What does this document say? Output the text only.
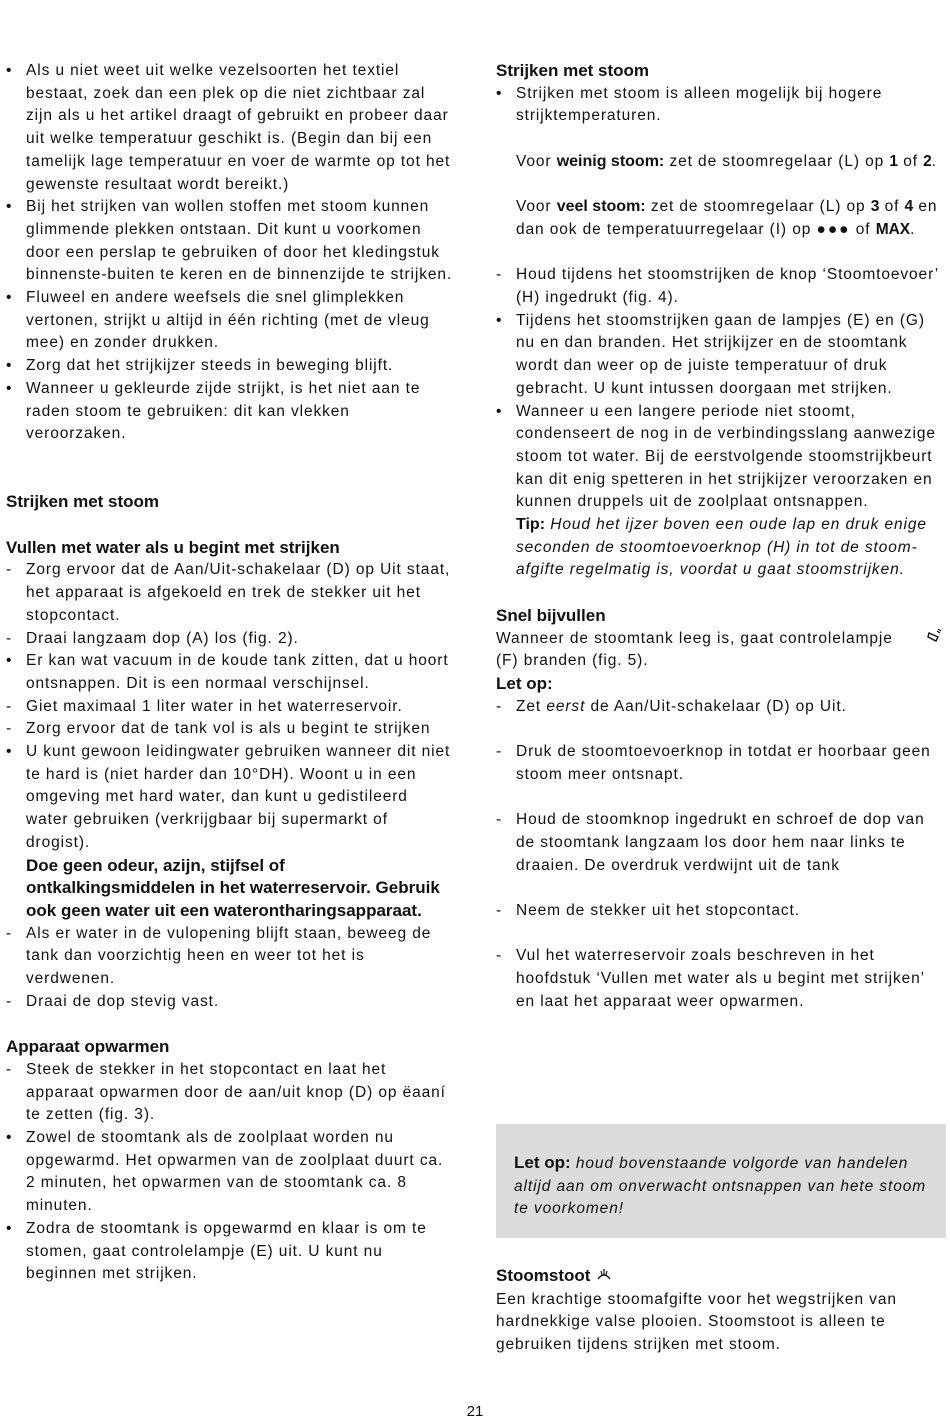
• Als u niet weet uit welke vezelsoorten het textiel bestaat, zoek dan een plek op die niet zichtbaar zal zijn als u het artikel draagt of gebruikt en probeer daar uit welke temperatuur geschikt is. (Begin dan bij een tamelijk lage temperatuur en voer de warmte op tot het gewenste resultaat wordt bereikt.)
• Bij het strijken van wollen stoffen met stoom kunnen glimmende plekken ontstaan. Dit kunt u voorkomen door een perslap te gebruiken of door het kledingstuk binnenste-buiten te keren en de binnenzijde te strijken.
• Fluweel en andere weefsels die snel glimplekken vertonen, strijkt u altijd in één richting (met de vleug mee) en zonder drukken.
• Zorg dat het strijkijzer steeds in beweging blijft.
• Wanneer u gekleurde zijde strijkt, is het niet aan te raden stoom te gebruiken: dit kan vlekken veroorzaken.
Strijken met stoom
Vullen met water als u begint met strijken
- Zorg ervoor dat de Aan/Uit-schakelaar (D) op Uit staat, het apparaat is afgekoeld en trek de stekker uit het stopcontact.
- Draai langzaam dop (A) los (fig. 2).
• Er kan wat vacuum in de koude tank zitten, dat u hoort ontsnappen. Dit is een normaal verschijnsel.
- Giet maximaal 1 liter water in het waterreservoir.
- Zorg ervoor dat de tank vol is als u begint te strijken
• U kunt gewoon leidingwater gebruiken wanneer dit niet te hard is (niet harder dan 10°DH). Woont u in een omgeving met hard water, dan kunt u gedistileerd water gebruiken (verkrijgbaar bij supermarkt of drogist).
Doe geen odeur, azijn, stijfsel of ontkalkingsmiddelen in het waterreservoir. Gebruik ook geen water uit een waterontharingsapparaat.
- Als er water in de vulopening blijft staan, beweeg de tank dan voorzichtig heen en weer tot het is verdwenen.
- Draai de dop stevig vast.
Apparaat opwarmen
- Steek de stekker in het stopcontact en laat het apparaat opwarmen door de aan/uit knop (D) op ëaaní te zetten (fig. 3).
• Zowel de stoomtank als de zoolplaat worden nu opgewarmd. Het opwarmen van de zoolplaat duurt ca. 2 minuten, het opwarmen van de stoomtank ca. 8 minuten.
• Zodra de stoomtank is opgewarmd en klaar is om te stomen, gaat controlelampje (E) uit. U kunt nu beginnen met strijken.
Strijken met stoom
• Strijken met stoom is alleen mogelijk bij hogere strijktemperaturen.
Voor weinig stoom: zet de stoomregelaar (L) op 1 of 2.
Voor veel stoom: zet de stoomregelaar (L) op 3 of 4 en dan ook de temperatuurregelaar (I) op ●●● of MAX.
- Houd tijdens het stoomstrijken de knop ‘Stoomtoevoer’ (H) ingedrukt (fig. 4).
• Tijdens het stoomstrijken gaan de lampjes (E) en (G) nu en dan branden. Het strijkijzer en de stoomtank wordt dan weer op de juiste temperatuur of druk gebracht. U kunt intussen doorgaan met strijken.
• Wanneer u een langere periode niet stoomt, condenseert de nog in de verbindingsslang aanwezige stoom tot water. Bij de eerstvolgende stoomstrijkbeurt kan dit enig spetteren in het strijkijzer veroorzaken en kunnen druppels uit de zoolplaat ontsnappen.
Tip: Houd het ijzer boven een oude lap en druk enige seconden de stoomtoevoerknop (H) in tot de stoom-afgifte regelmatig is, voordat u gaat stoomstrijken.
Snel bijvullen
Wanneer de stoomtank leeg is, gaat controlelampje (F) branden (fig. 5).
Let op:
- Zet eerst de Aan/Uit-schakelaar (D) op Uit.
- Druk de stoomtoevoerknop in totdat er hoorbaar geen stoom meer ontsnapt.
- Houd de stoomknop ingedrukt en schroef de dop van de stoomtank langzaam los door hem naar links te draaien. De overdruk verdwijnt uit de tank
- Neem de stekker uit het stopcontact.
- Vul het waterreservoir zoals beschreven in het hoofdstuk ‘Vullen met water als u begint met strijken’ en laat het apparaat weer opwarmen.
Let op: houd bovenstaande volgorde van handelen altijd aan om onverwacht ontsnappen van hete stoom te voorkomen!
Stoomstoot
Een krachtige stoomafgifte voor het wegstrijken van hardnekkige valse plooien. Stoomstoot is alleen te gebruiken tijdens strijken met stoom.
21
